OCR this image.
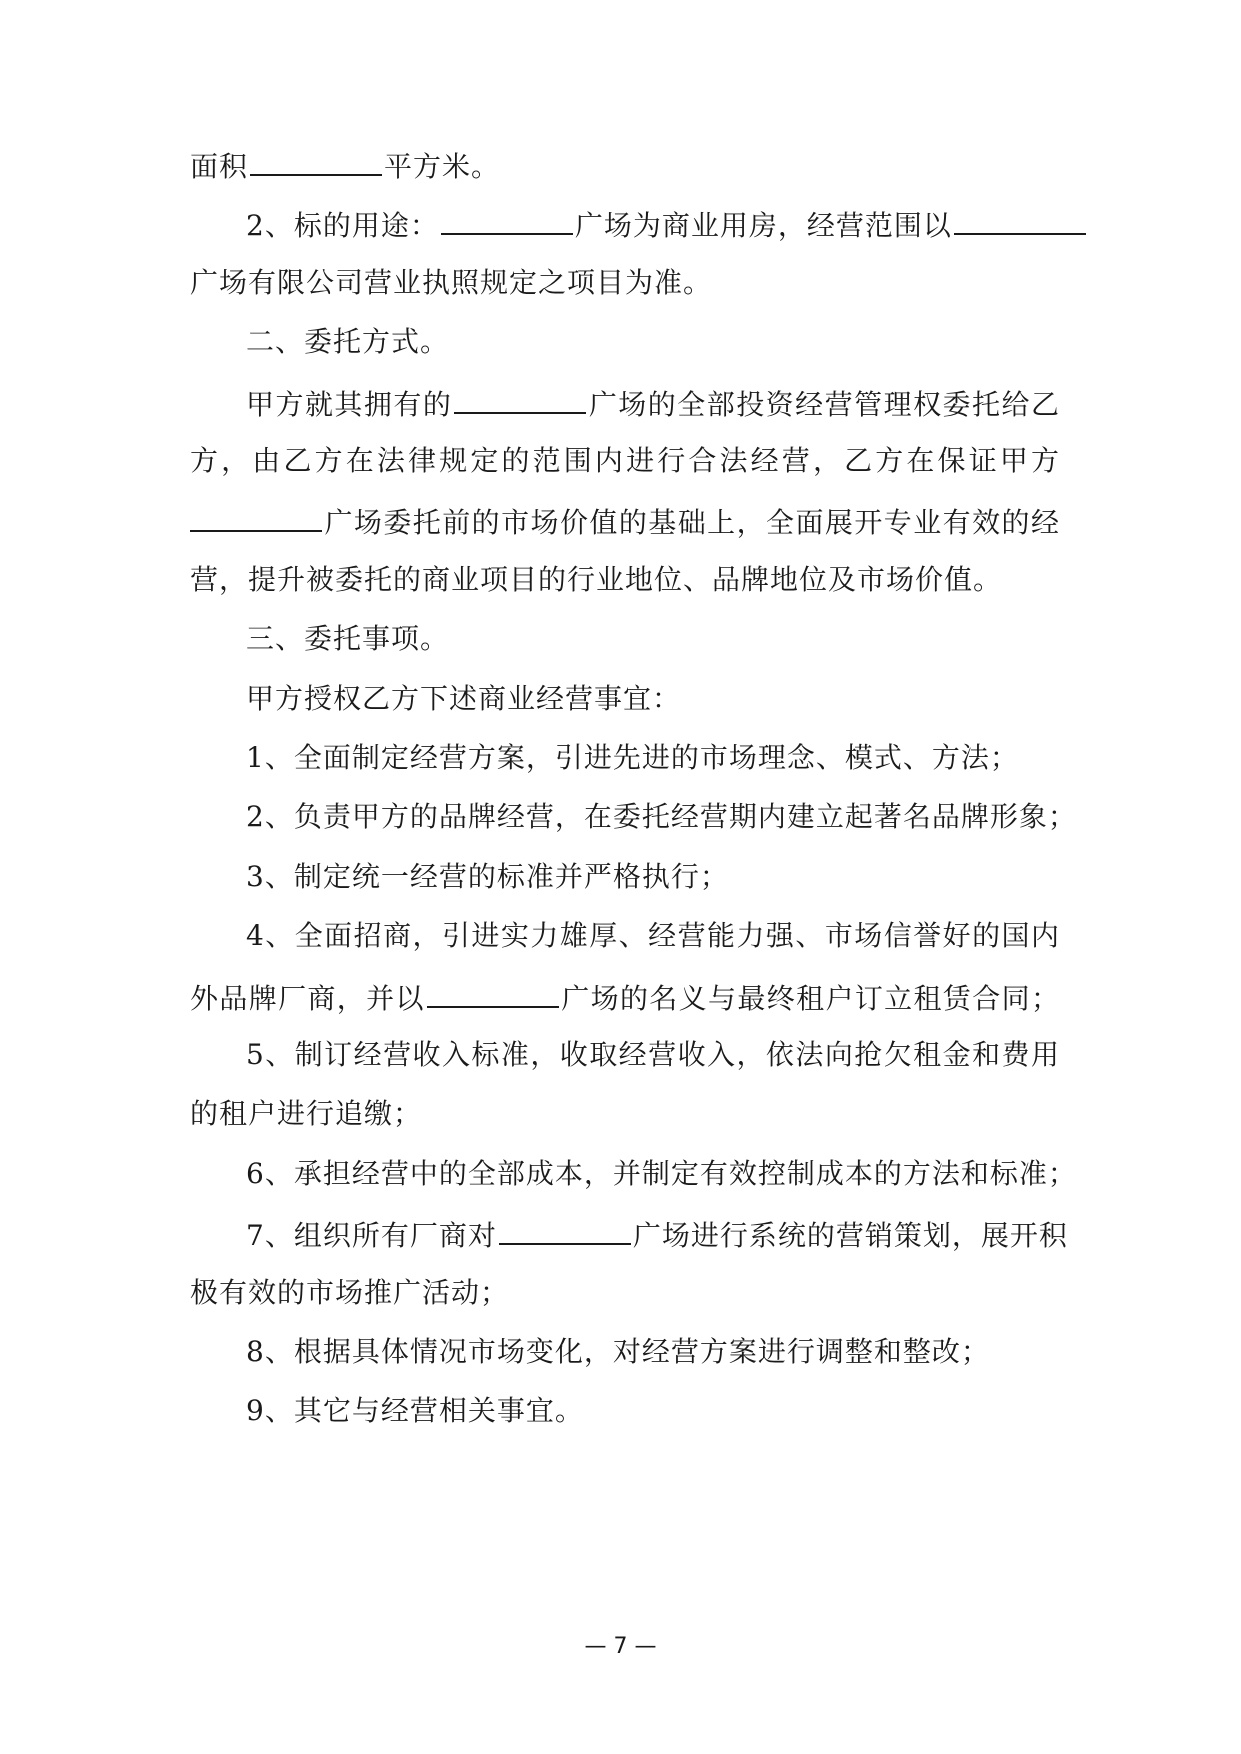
面积	平方米。
2、标的用途：	广场为商业用房，经营范围以
广场有限公司营业执照规定之项目为准。
二、委托方式。
甲方就其拥有的	广场的全部投资经营管理权委托给乙
方，由乙方在法律规定的范围内进行合法经营，乙方在保证甲方
广场委托前的市场价值的基础上，全面展开专业有效的经
营，提升被委托的商业项目的行业地位、品牌地位及市场价值。
三、委托事项。
甲方授权乙方下述商业经营事宜：
1、全面制定经营方案，引进先进的市场理念、模式、方法；
2、负责甲方的品牌经营，在委托经营期内建立起著名品牌形象；
3、制定统一经营的标准并严格执行；
4、全面招商，引进实力雄厚、经营能力强、市场信誉好的国内
外品牌厂商，并以	广场的名义与最终租户订立租赁合同；
5、制订经营收入标准，收取经营收入，依法向抢欠租金和费用
的租户进行追缴；
6、承担经营中的全部成本，并制定有效控制成本的方法和标准；
7、组织所有厂商对	广场进行系统的营销策划，展开积
极有效的市场推广活动；
8、根据具体情况市场变化，对经营方案进行调整和整改；
9、其它与经营相关事宜。
— 7 —
